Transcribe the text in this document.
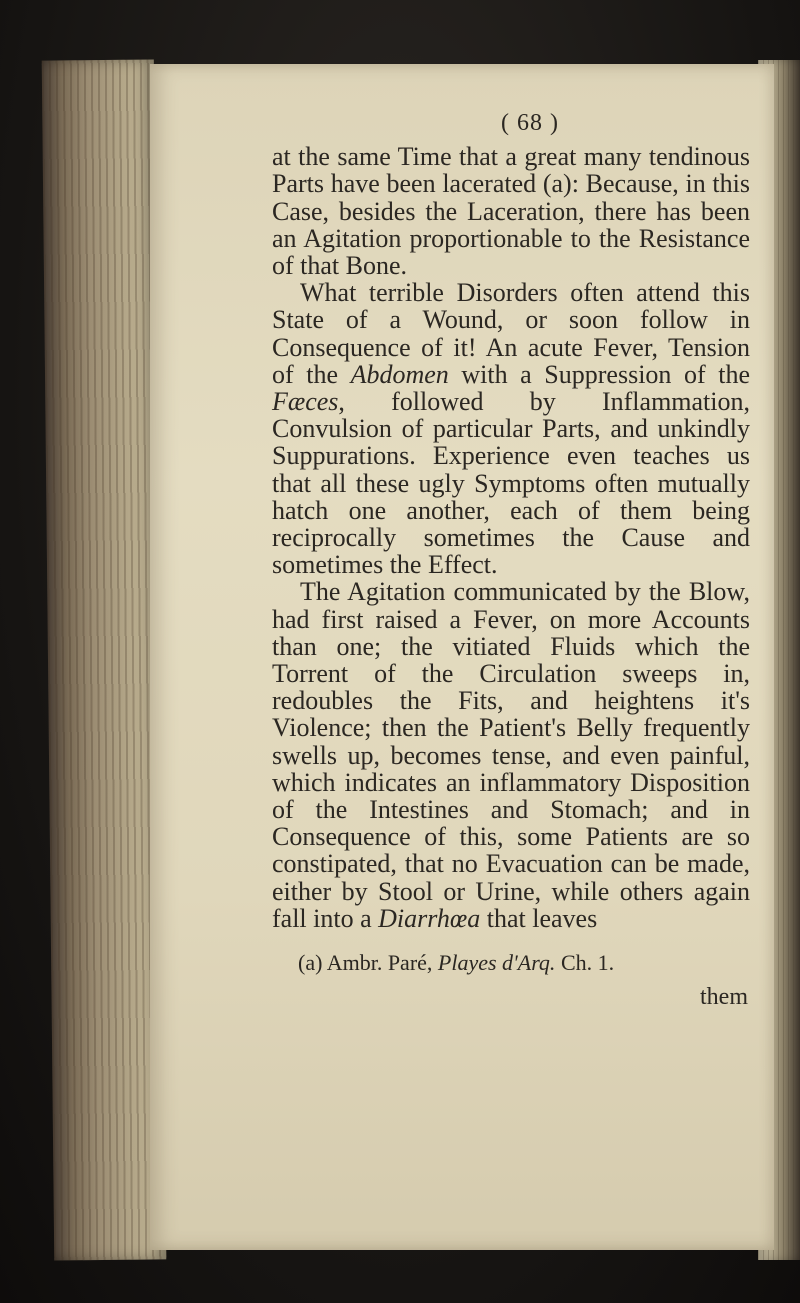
( 68 )

at the same Time that a great many tendinous Parts have been lacerated (a): Because, in this Case, besides the Laceration, there has been an Agitation proportionable to the Resistance of that Bone.

What terrible Disorders often attend this State of a Wound, or soon follow in Consequence of it! An acute Fever, Tension of the Abdomen with a Suppression of the Fæces, followed by Inflammation, Convulsion of particular Parts, and unkindly Suppurations. Experience even teaches us that all these ugly Symptoms often mutually hatch one another, each of them being reciprocally sometimes the Cause and sometimes the Effect.

The Agitation communicated by the Blow, had first raised a Fever, on more Accounts than one; the vitiated Fluids which the Torrent of the Circulation sweeps in, redoubles the Fits, and heightens it's Violence; then the Patient's Belly frequently swells up, becomes tense, and even painful, which indicates an inflammatory Disposition of the Intestines and Stomach; and in Consequence of this, some Patients are so constipated, that no Evacuation can be made, either by Stool or Urine, while others again fall into a Diarrhœa that leaves

(a) Ambr. Paré, Playes d'Arq. Ch. 1.

them
